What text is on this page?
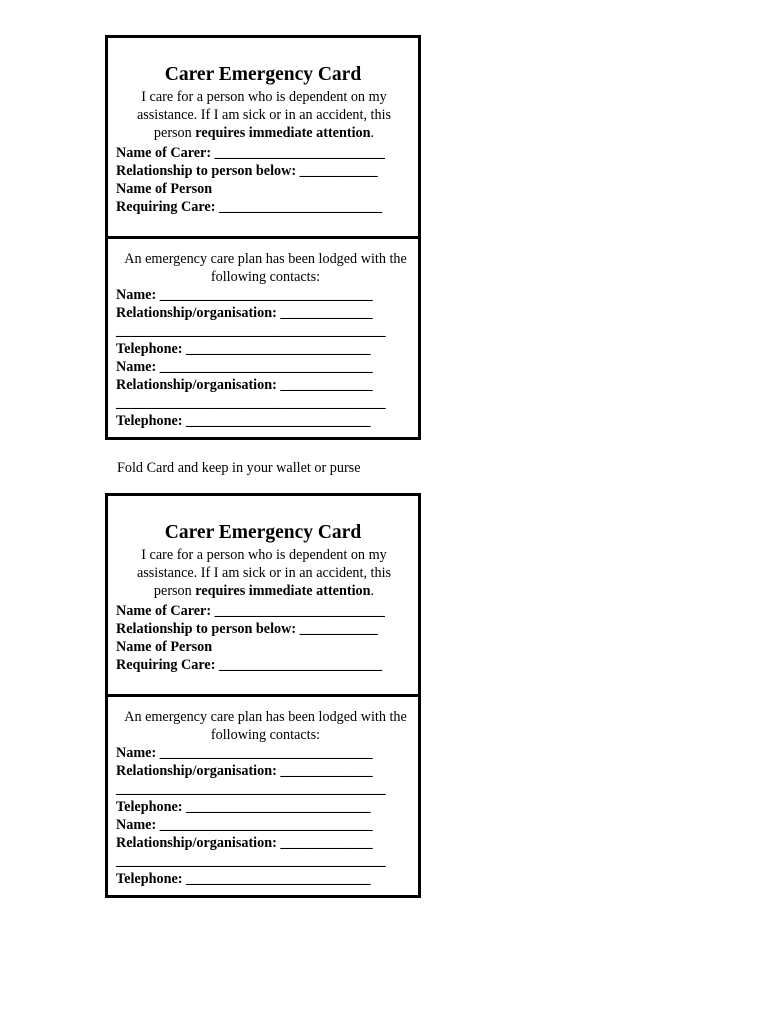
Carer Emergency Card
I care for a person who is dependent on my assistance. If I am sick or in an accident, this person requires immediate attention.
Name of Carer: ________________________
Relationship to person below: ___________
Name of Person
Requiring Care: _______________________
An emergency care plan has been lodged with the following contacts:
Name: ______________________________
Relationship/organisation: _____________
______________________________________
Telephone: __________________________
Name: ______________________________
Relationship/organisation: _____________
______________________________________
Telephone: __________________________
Fold Card and keep in your wallet or purse
Carer Emergency Card
I care for a person who is dependent on my assistance. If I am sick or in an accident, this person requires immediate attention.
Name of Carer: ________________________
Relationship to person below: ___________
Name of Person
Requiring Care: _______________________
An emergency care plan has been lodged with the following contacts:
Name: ______________________________
Relationship/organisation: _____________
______________________________________
Telephone: __________________________
Name: ______________________________
Relationship/organisation: _____________
______________________________________
Telephone: __________________________
